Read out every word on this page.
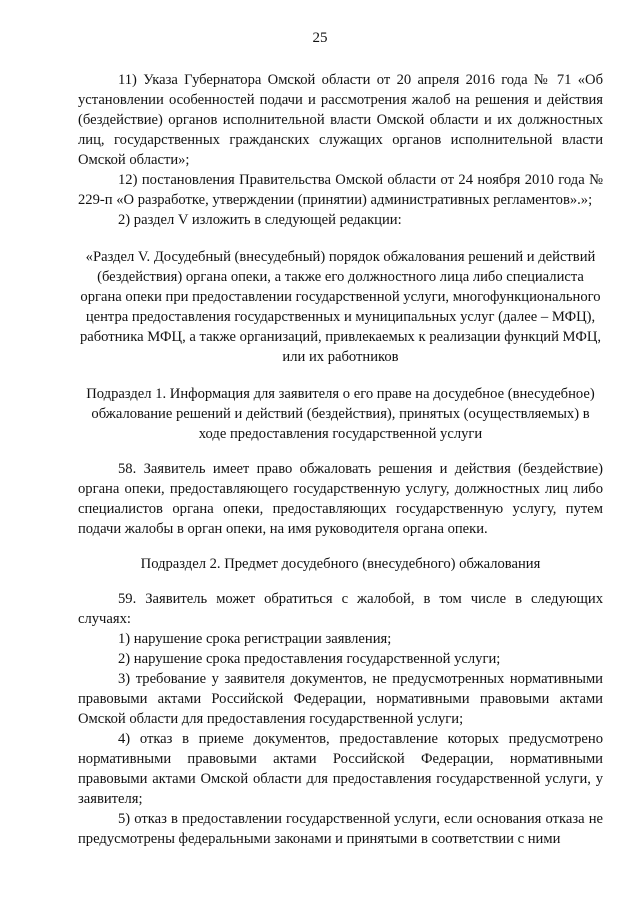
25

11) Указа Губернатора Омской области от 20 апреля 2016 года № 71 «Об установлении особенностей подачи и рассмотрения жалоб на решения и действия (бездействие) органов исполнительной власти Омской области и их должностных лиц, государственных гражданских служащих органов исполнительной власти Омской области»;

12) постановления Правительства Омской области от 24 ноября 2010 года № 229-п «О разработке, утверждении (принятии) административных регламентов».»;

2) раздел V изложить в следующей редакции:

«Раздел V. Досудебный (внесудебный) порядок обжалования решений и действий (бездействия) органа опеки, а также его должностного лица либо специалиста органа опеки при предоставлении государственной услуги, многофункционального центра предоставления государственных и муниципальных услуг (далее – МФЦ), работника МФЦ, а также организаций, привлекаемых к реализации функций МФЦ, или их работников

Подраздел 1. Информация для заявителя о его праве на досудебное (внесудебное) обжалование решений и действий (бездействия), принятых (осуществляемых) в ходе предоставления государственной услуги

58. Заявитель имеет право обжаловать решения и действия (бездействие) органа опеки, предоставляющего государственную услугу, должностных лиц либо специалистов органа опеки, предоставляющих государственную услугу, путем подачи жалобы в орган опеки, на имя руководителя органа опеки.

Подраздел 2. Предмет досудебного (внесудебного) обжалования

59. Заявитель может обратиться с жалобой, в том числе в следующих случаях:

1) нарушение срока регистрации заявления;

2) нарушение срока предоставления государственной услуги;

3) требование у заявителя документов, не предусмотренных нормативными правовыми актами Российской Федерации, нормативными правовыми актами Омской области для предоставления государственной услуги;

4) отказ в приеме документов, предоставление которых предусмотрено нормативными правовыми актами Российской Федерации, нормативными правовыми актами Омской области для предоставления государственной услуги, у заявителя;

5) отказ в предоставлении государственной услуги, если основания отказа не предусмотрены федеральными законами и принятыми в соответствии с ними
